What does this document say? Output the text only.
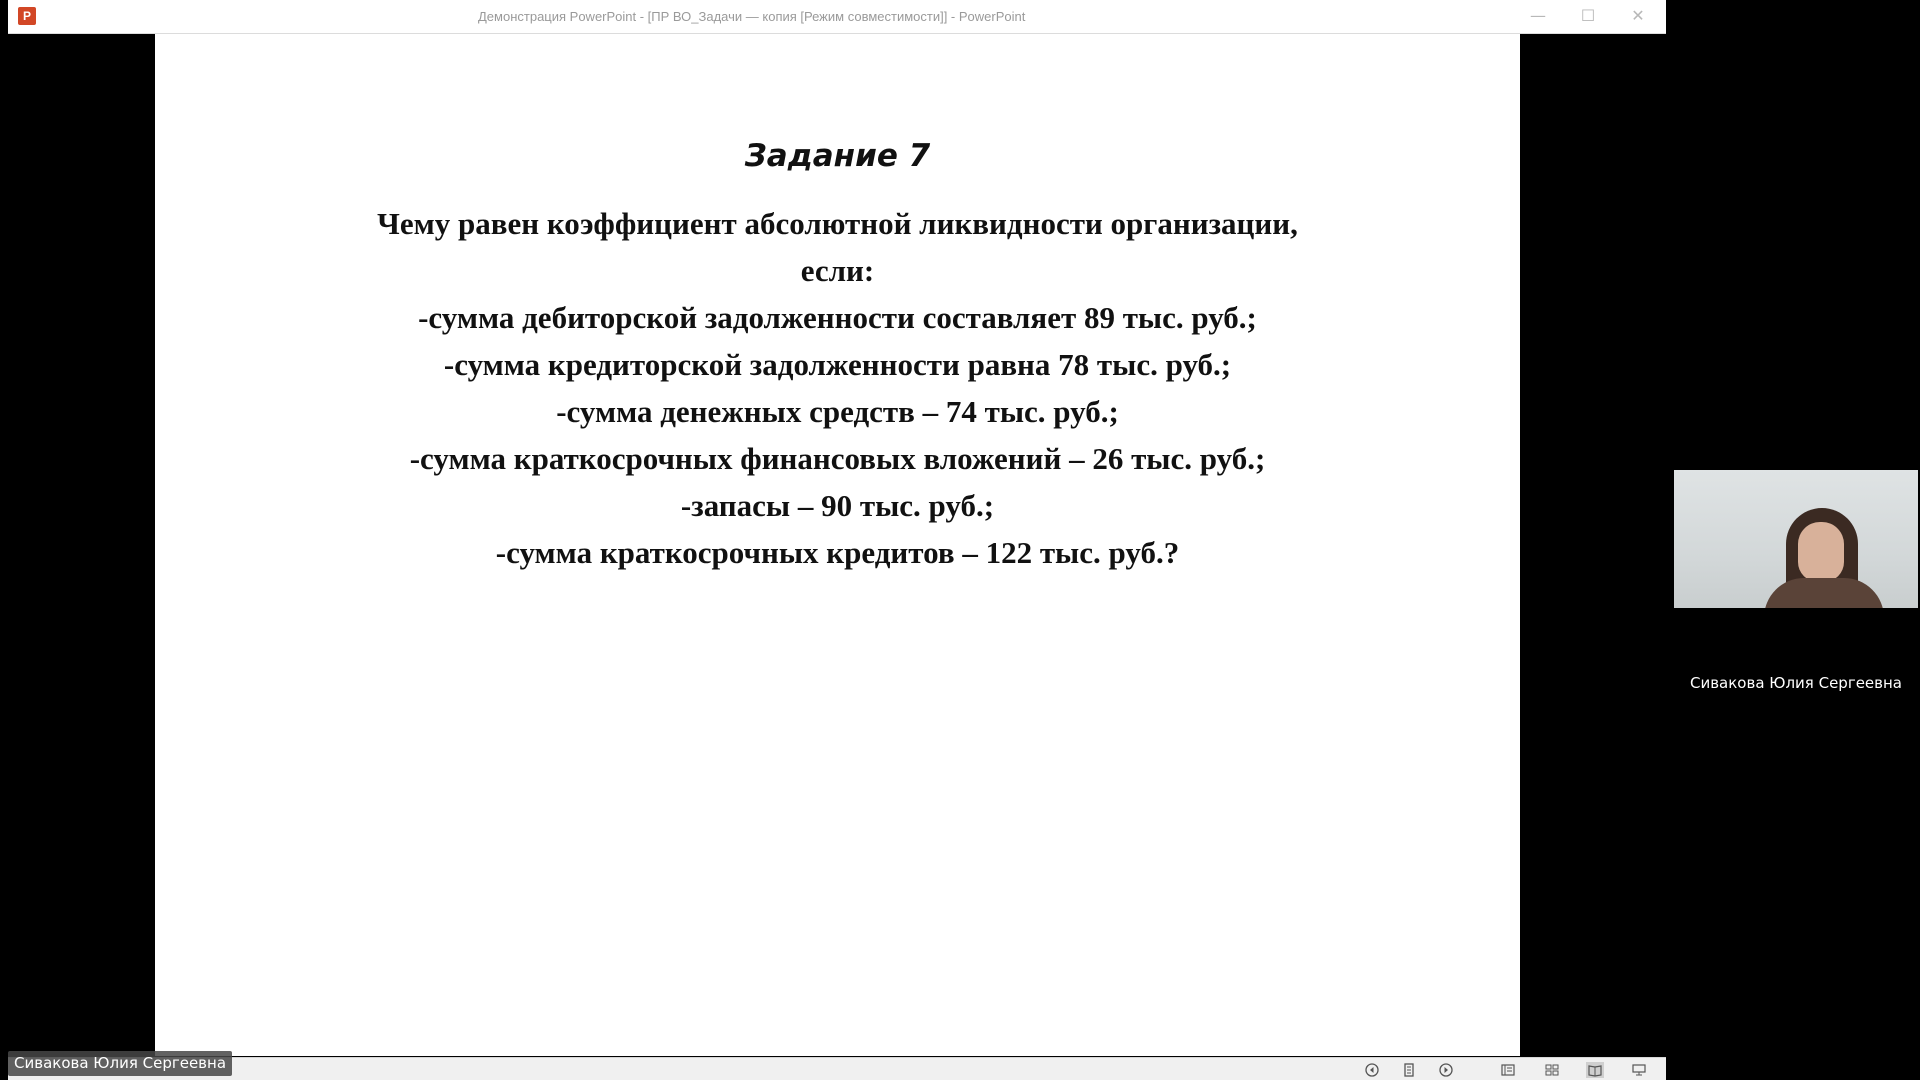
P	Демонстрация PowerPoint - [ПР ВО_Задачи — копия [Режим совместимости]] - PowerPoint	—	☐	✕
Задание 7
Чему равен коэффициент абсолютной ликвидности организации,
если:
-сумма дебиторской задолженности составляет 89 тыс. руб.;
-сумма кредиторской задолженности равна 78 тыс. руб.;
-сумма денежных средств – 74 тыс. руб.;
-сумма краткосрочных финансовых вложений – 26 тыс. руб.;
-запасы – 90 тыс. руб.;
-сумма краткосрочных кредитов – 122 тыс. руб.?
Сивакова Юлия Сергеевна
Сивакова Юлия Сергеевна
